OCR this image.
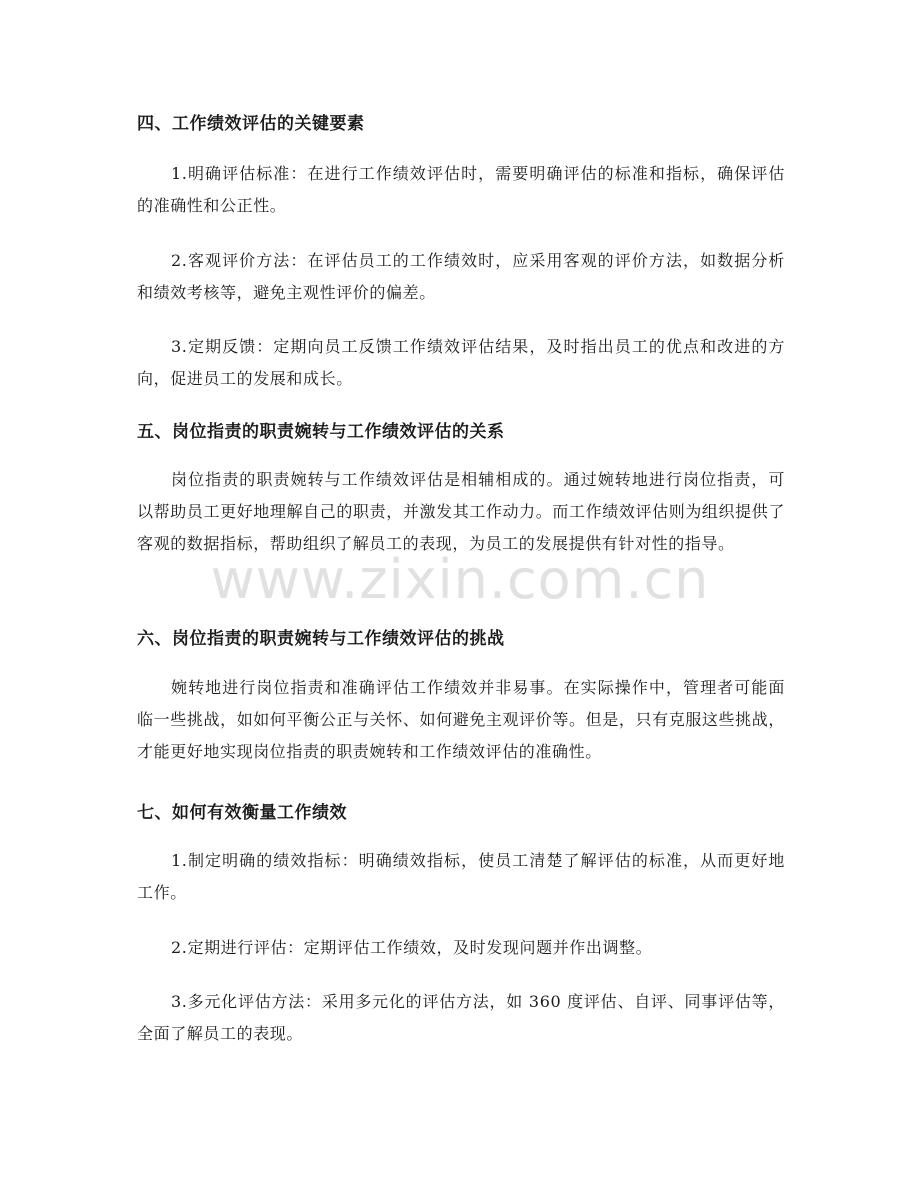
四、工作绩效评估的关键要素

1.明确评估标准：在进行工作绩效评估时，需要明确评估的标准和指标，确保评估的准确性和公正性。

2.客观评价方法：在评估员工的工作绩效时，应采用客观的评价方法，如数据分析和绩效考核等，避免主观性评价的偏差。

3.定期反馈：定期向员工反馈工作绩效评估结果，及时指出员工的优点和改进的方向，促进员工的发展和成长。

五、岗位指责的职责婉转与工作绩效评估的关系

岗位指责的职责婉转与工作绩效评估是相辅相成的。通过婉转地进行岗位指责，可以帮助员工更好地理解自己的职责，并激发其工作动力。而工作绩效评估则为组织提供了客观的数据指标，帮助组织了解员工的表现，为员工的发展提供有针对性的指导。

六、岗位指责的职责婉转与工作绩效评估的挑战

婉转地进行岗位指责和准确评估工作绩效并非易事。在实际操作中，管理者可能面临一些挑战，如如何平衡公正与关怀、如何避免主观评价等。但是，只有克服这些挑战，才能更好地实现岗位指责的职责婉转和工作绩效评估的准确性。

七、如何有效衡量工作绩效

1.制定明确的绩效指标：明确绩效指标，使员工清楚了解评估的标准，从而更好地工作。

2.定期进行评估：定期评估工作绩效，及时发现问题并作出调整。

3.多元化评估方法：采用多元化的评估方法，如 360 度评估、自评、同事评估等，全面了解员工的表现。

www.zixin.com.cn
